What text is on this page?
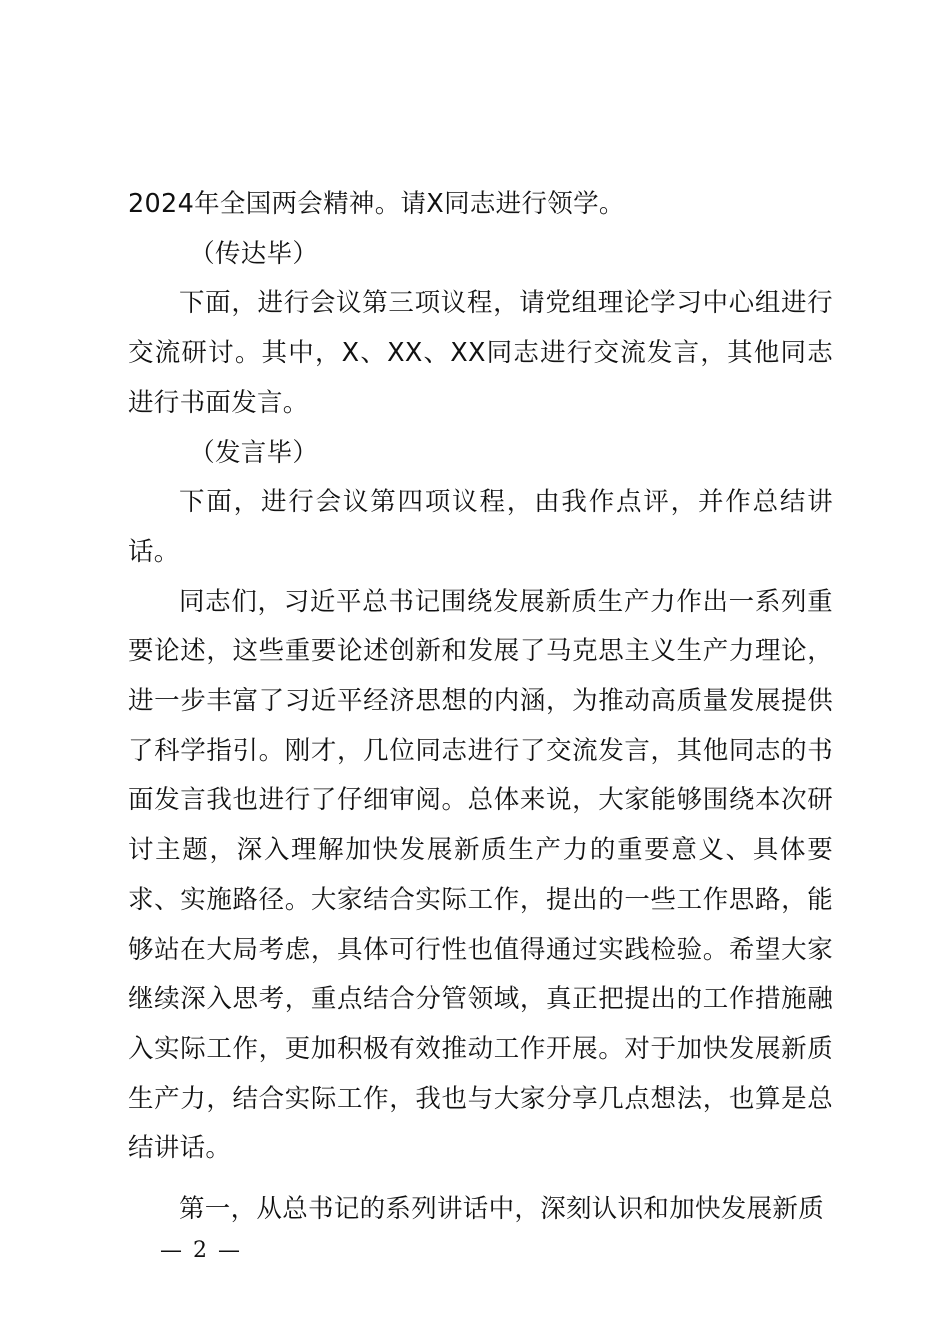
2024年全国两会精神。请X同志进行领学。

（传达毕）

下面，进行会议第三项议程，请党组理论学习中心组进行交流研讨。其中，X、XX、XX同志进行交流发言，其他同志进行书面发言。

（发言毕）

下面，进行会议第四项议程，由我作点评，并作总结讲话。

同志们，习近平总书记围绕发展新质生产力作出一系列重要论述，这些重要论述创新和发展了马克思主义生产力理论，进一步丰富了习近平经济思想的内涵，为推动高质量发展提供了科学指引。刚才，几位同志进行了交流发言，其他同志的书面发言我也进行了仔细审阅。总体来说，大家能够围绕本次研讨主题，深入理解加快发展新质生产力的重要意义、具体要求、实施路径。大家结合实际工作，提出的一些工作思路，能够站在大局考虑，具体可行性也值得通过实践检验。希望大家继续深入思考，重点结合分管领域，真正把提出的工作措施融入实际工作，更加积极有效推动工作开展。对于加快发展新质生产力，结合实际工作，我也与大家分享几点想法，也算是总结讲话。

第一，从总书记的系列讲话中，深刻认识和加快发展新质

— 2 —
